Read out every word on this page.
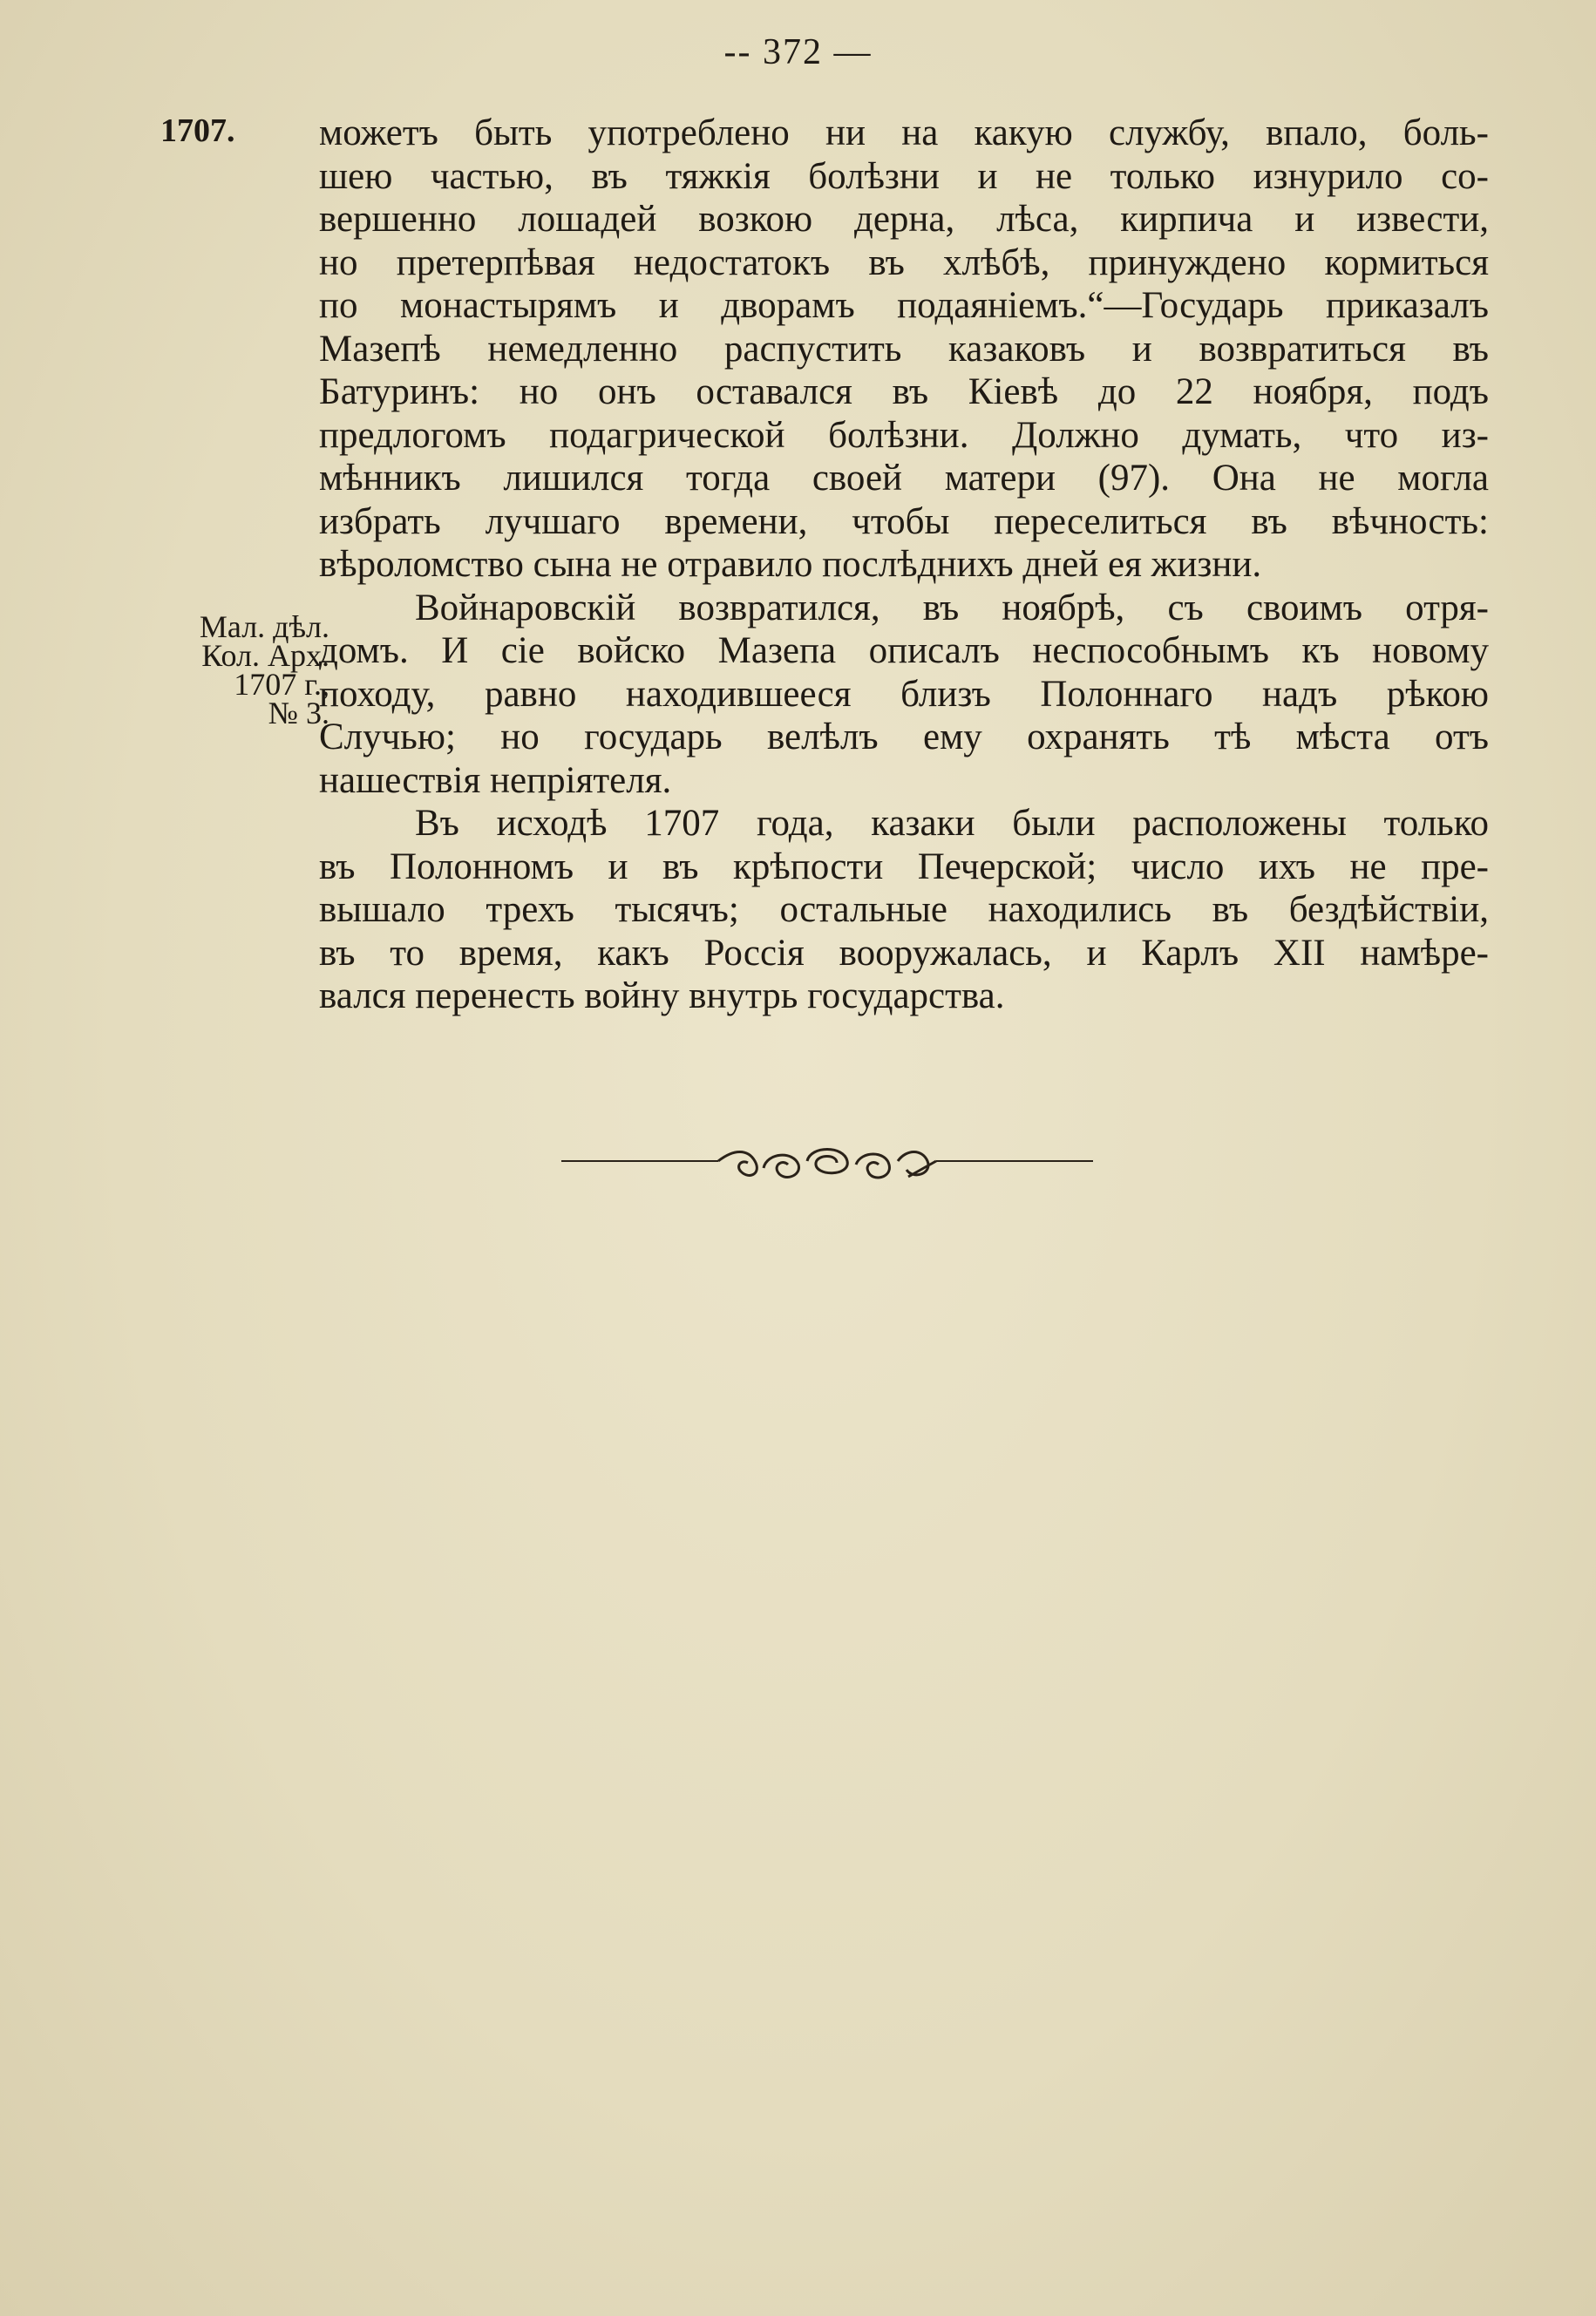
-- 372 —
1707.
Мал. дѣл.
Кол. Арх.
1707 г.,
№ 3.
можетъ быть употреблено ни на какую службу, впало, боль-
шею частью, въ тяжкія болѣзни и не только изнурило со-
вершенно лошадей возкою дерна, лѣса, кирпича и извести,
но претерпѣвая недостатокъ въ хлѣбѣ, принуждено кормиться
по монастырямъ и дворамъ подаяніемъ.“—Государь приказалъ
Мазепѣ немедленно распустить казаковъ и возвратиться въ
Батуринъ: но онъ оставался въ Кіевѣ до 22 ноября, подъ
предлогомъ подагрической болѣзни. Должно думать, что из-
мѣнникъ лишился тогда своей матери (97). Она не могла
избрать лучшаго времени, чтобы переселиться въ вѣчность:
вѣроломство сына не отравило послѣднихъ дней ея жизни.
Войнаровскій возвратился, въ ноябрѣ, съ своимъ отря-
домъ. И сіе войско Мазепа описалъ неспособнымъ къ новому
походу, равно находившееся близъ Полоннаго надъ рѣкою
Случью; но государь велѣлъ ему охранять тѣ мѣста отъ
нашествія непріятеля.
Въ исходѣ 1707 года, казаки были расположены только
въ Полонномъ и въ крѣпости Печерской; число ихъ не пре-
вышало трехъ тысячъ; остальные находились въ бездѣйствіи,
въ то время, какъ Россія вооружалась, и Карлъ XII намѣре-
вался перенесть войну внутрь государства.
